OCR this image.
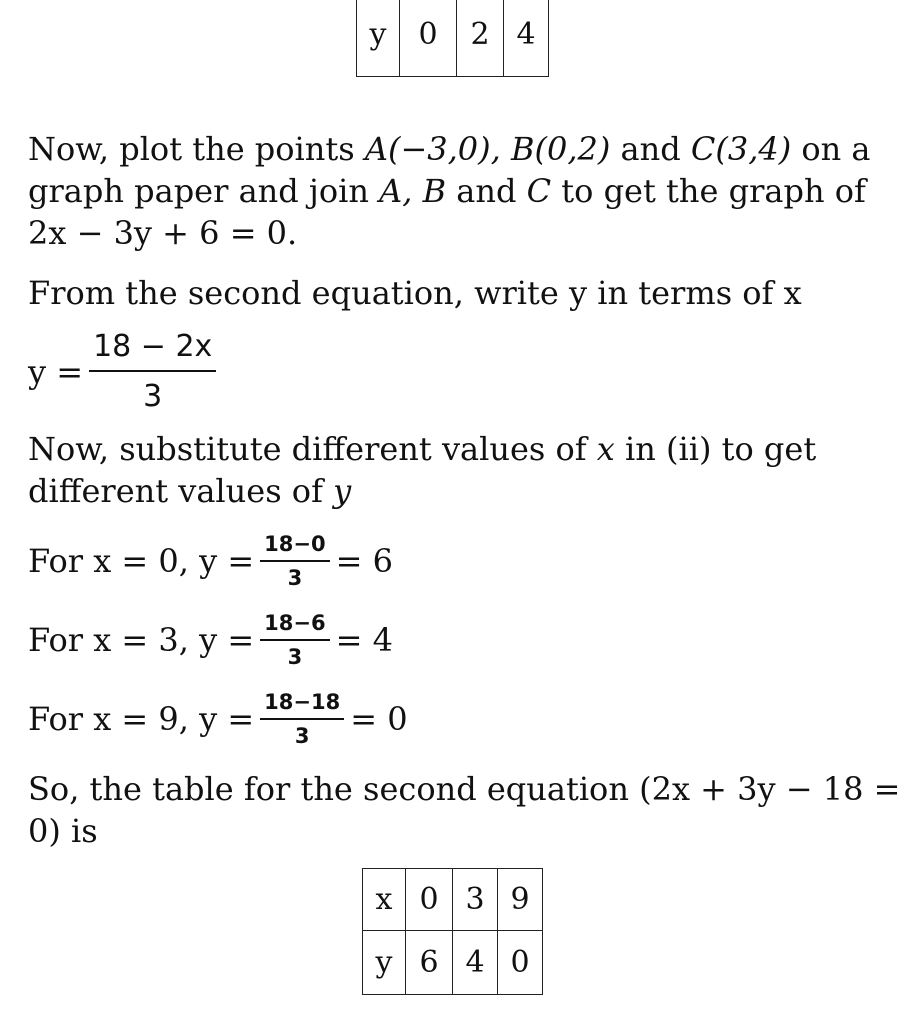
y	0	2	4

Now, plot the points A(−3,0), B(0,2) and C(3,4) on a
graph paper and join A, B and C to get the graph of
2x − 3y + 6 = 0.

From the second equation, write y in terms of x

$y = \frac{18 - 2x}{3}$

Now, substitute different values of x in (ii) to get
different values of y

For x = 0, $y = \frac{18-0}{3} = 6$
For x = 3, $y = \frac{18-6}{3} = 4$
For x = 9, $y = \frac{18-18}{3} = 0$

So, the table for the second equation (2x + 3y − 18 =
0) is

x	0	3	9
y	6	4	0
